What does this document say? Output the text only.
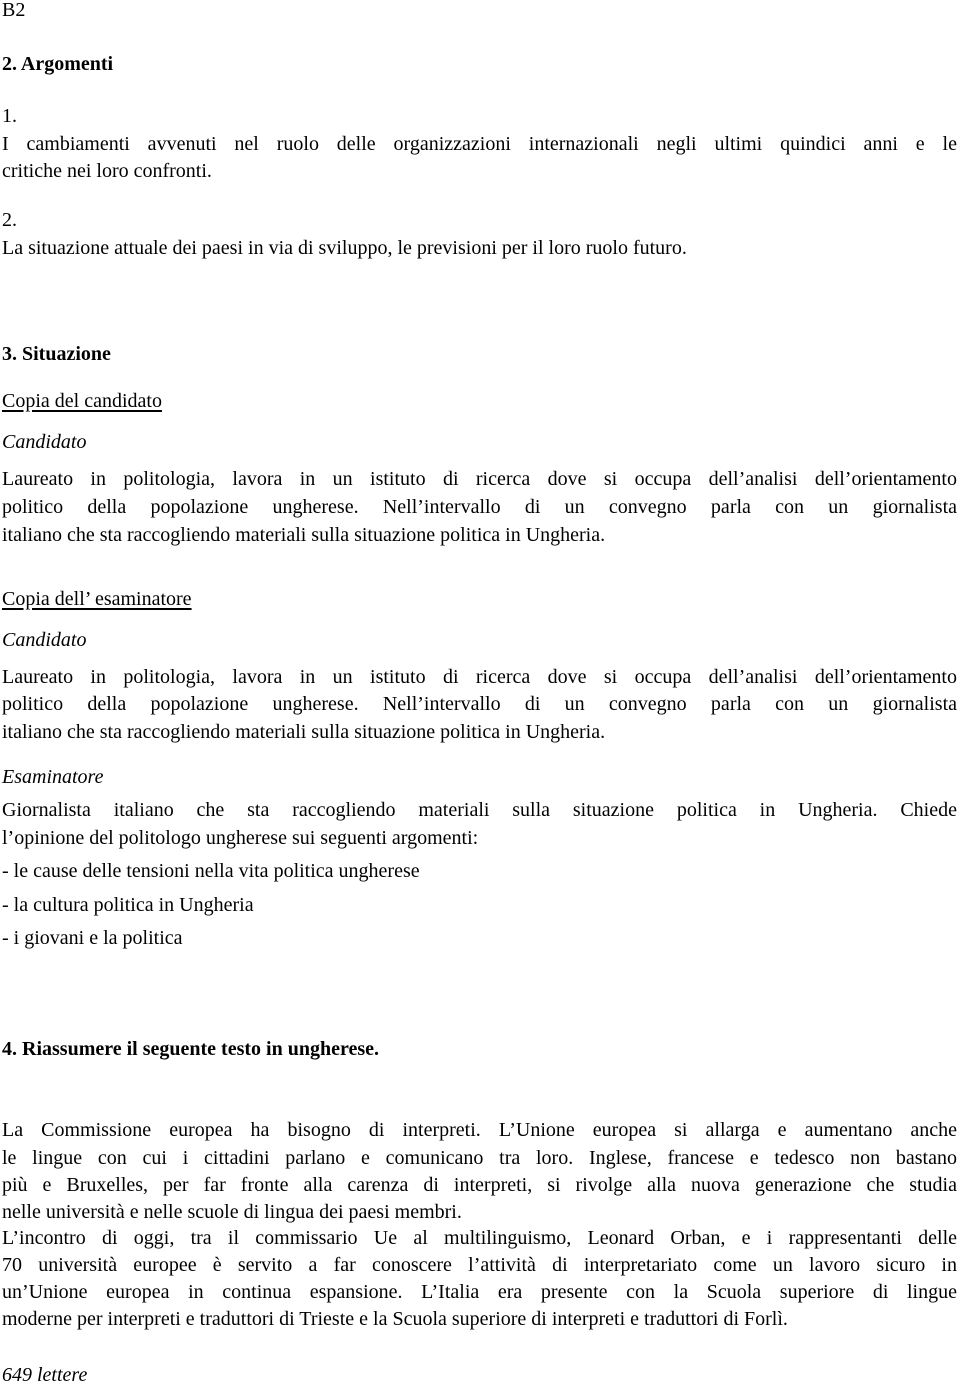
B2
2. Argomenti
1.
I cambiamenti avvenuti nel ruolo delle organizzazioni internazionali negli ultimi quindici anni e le
critiche nei loro confronti.
2.
La situazione attuale dei paesi in via di sviluppo, le previsioni per il loro ruolo futuro.
3. Situazione
Copia del candidato
Candidato
Laureato in politologia, lavora in un istituto di ricerca dove si occupa dell’analisi dell’orientamento
politico della popolazione ungherese. Nell’intervallo di un convegno parla con un giornalista
italiano che sta raccogliendo materiali sulla situazione politica in Ungheria.
Copia dell’ esaminatore
Candidato
Laureato in politologia, lavora in un istituto di ricerca dove si occupa dell’analisi dell’orientamento
politico della popolazione ungherese. Nell’intervallo di un convegno parla con un giornalista
italiano che sta raccogliendo materiali sulla situazione politica in Ungheria.
Esaminatore
Giornalista italiano che sta raccogliendo materiali sulla situazione politica in Ungheria. Chiede
l’opinione del politologo ungherese sui seguenti argomenti:
- le cause delle tensioni nella vita politica ungherese
- la cultura politica in Ungheria
- i giovani e la politica
4. Riassumere il seguente testo in ungherese.
La Commissione europea ha bisogno di interpreti. L’Unione europea si allarga e aumentano anche
le lingue con cui i cittadini parlano e comunicano tra loro. Inglese, francese e tedesco non bastano
più e Bruxelles, per far fronte alla carenza di interpreti, si rivolge alla nuova generazione che studia
nelle università e nelle scuole di lingua dei paesi membri.
L’incontro di oggi, tra il commissario Ue al multilinguismo, Leonard Orban, e i rappresentanti delle
70 università europee è servito a far conoscere l’attività di interpretariato come un lavoro sicuro in
un’Unione europea in continua espansione. L’Italia era presente con la Scuola superiore di lingue
moderne per interpreti e traduttori di Trieste e la Scuola superiore di interpreti e traduttori di Forlì.
649 lettere
